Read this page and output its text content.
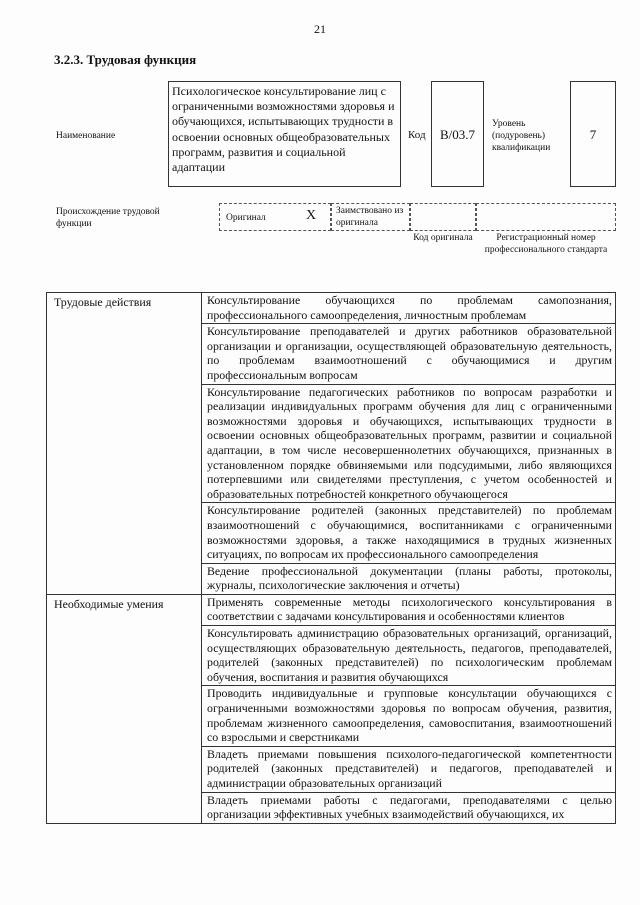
21
3.2.3. Трудовая функция
Наименование
Психологическое консультирование лиц с ограниченными возможностями здоровья и обучающихся, испытывающих трудности в освоении основных общеобразовательных программ, развития и социальной адаптации
Код	B/03.7
Уровень (подуровень) квалификации
7
Происхождение трудовой функции
Оригинал	X Заимствовано из оригинала
Код оригинала	Регистрационный номер профессионального стандарта
Трудовые действия	Консультирование обучающихся по проблемам самопознания, профессионального самоопределения, личностным проблемам
	Консультирование преподавателей и других работников образовательной организации и организации, осуществляющей образовательную деятельность, по проблемам взаимоотношений с обучающимися и другим профессиональным вопросам
	Консультирование педагогических работников по вопросам разработки и реализации индивидуальных программ обучения для лиц с ограниченными возможностями здоровья и обучающихся, испытывающих трудности в освоении основных общеобразовательных программ, развитии и социальной адаптации, в том числе несовершеннолетних обучающихся, признанных в установленном порядке обвиняемыми или подсудимыми, либо являющихся потерпевшими или свидетелями преступления, с учетом особенностей и образовательных потребностей конкретного обучающегося
	Консультирование родителей (законных представителей) по проблемам взаимоотношений с обучающимися, воспитанниками с ограниченными возможностями здоровья, а также находящимися в трудных жизненных ситуациях, по вопросам их профессионального самоопределения
	Ведение профессиональной документации (планы работы, протоколы, журналы, психологические заключения и отчеты)
Необходимые умения	Применять современные методы психологического консультирования в соответствии с задачами консультирования и особенностями клиентов
	Консультировать администрацию образовательных организаций, организаций, осуществляющих образовательную деятельность, педагогов, преподавателей, родителей (законных представителей) по психологическим проблемам обучения, воспитания и развития обучающихся
	Проводить индивидуальные и групповые консультации обучающихся с ограниченными возможностями здоровья по вопросам обучения, развития, проблемам жизненного самоопределения, самовоспитания, взаимоотношений со взрослыми и сверстниками
	Владеть приемами повышения психолого-педагогической компетентности родителей (законных представителей) и педагогов, преподавателей и администрации образовательных организаций
	Владеть приемами работы с педагогами, преподавателями с целью организации эффективных учебных взаимодействий обучающихся, их
